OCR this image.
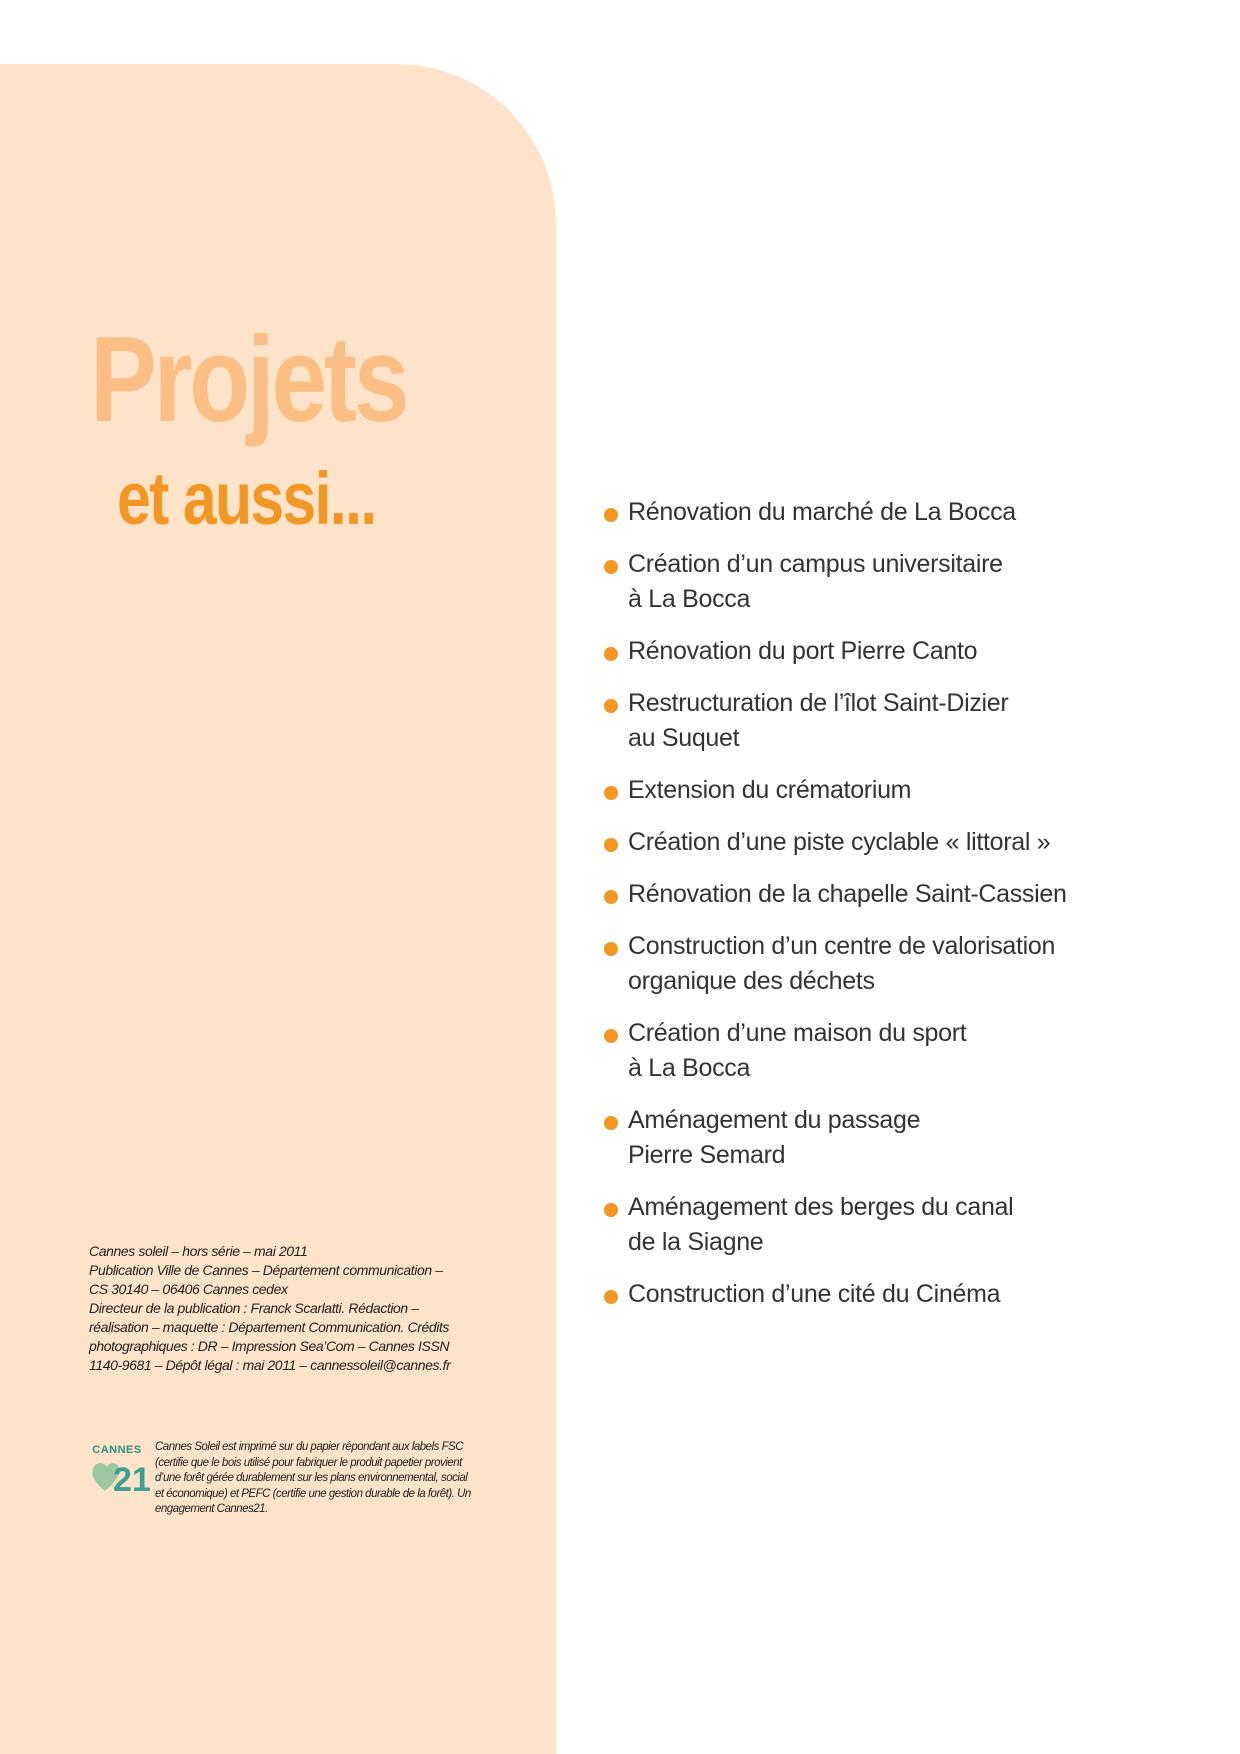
Projets
et aussi...
Cannes soleil – hors série – mai 2011
Publication Ville de Cannes – Département communication –
CS 30140 – 06406 Cannes cedex
Directeur de la publication : Franck Scarlatti. Rédaction –
réalisation – maquette : Département Communication. Crédits
photographiques : DR – Impression Sea’Com – Cannes ISSN
1140-9681 – Dépôt légal : mai 2011 – cannessoleil@cannes.fr
CANNES
21
Cannes Soleil est imprimé sur du papier répondant aux labels FSC (certifie que le bois utilisé pour fabriquer le produit papetier provient d’une forêt gérée durablement sur les plans environnemental, social et économique) et PEFC (certifie une gestion durable de la forêt). Un engagement Cannes21.
Rénovation du marché de La Bocca
Création d’un campus universitaire
à La Bocca
Rénovation du port Pierre Canto
Restructuration de l’îlot Saint-Dizier
au Suquet
Extension du crématorium
Création d’une piste cyclable « littoral »
Rénovation de la chapelle Saint-Cassien
Construction d’un centre de valorisation
organique des déchets
Création d’une maison du sport
à La Bocca
Aménagement du passage
Pierre Semard
Aménagement des berges du canal
de la Siagne
Construction d’une cité du Cinéma
